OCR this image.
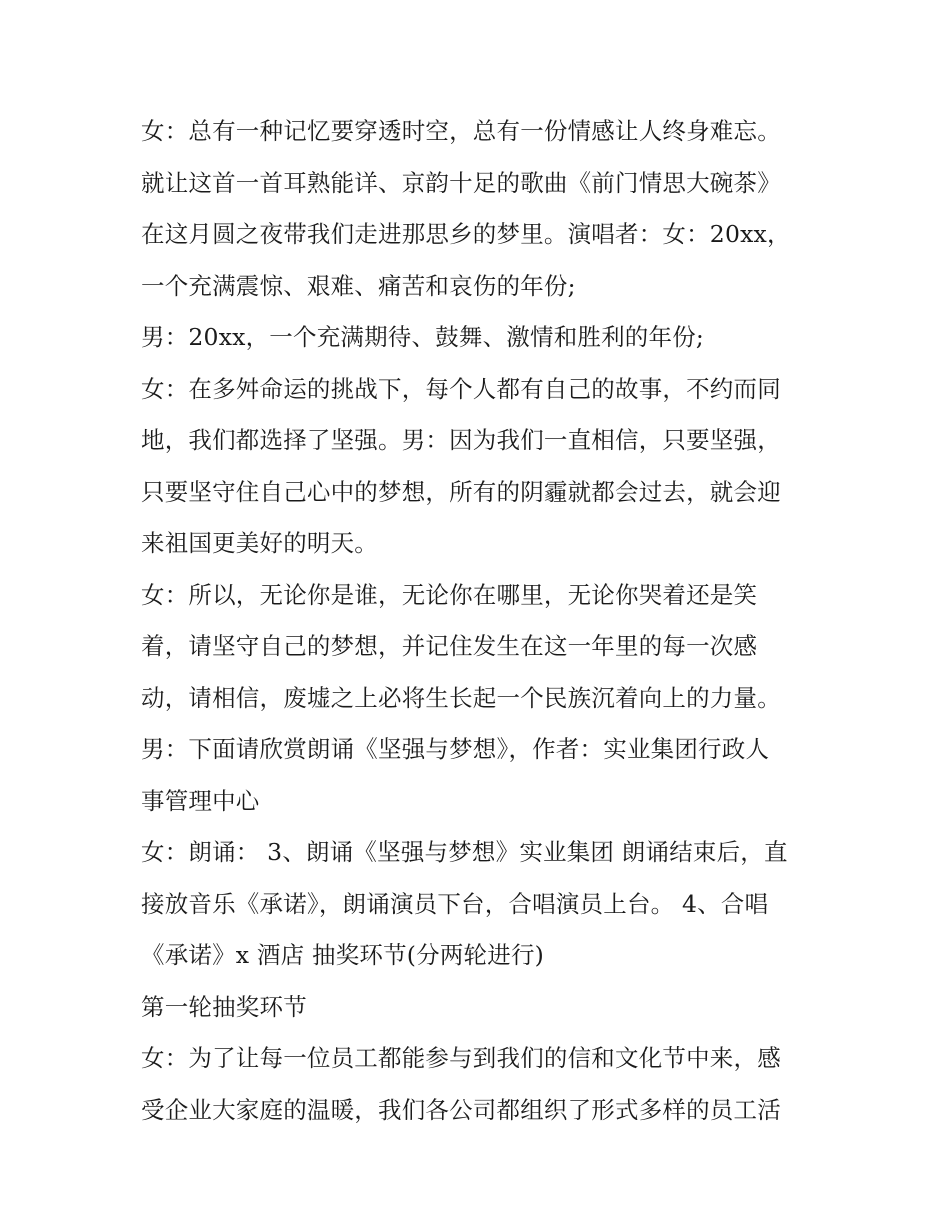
女：总有一种记忆要穿透时空，总有一份情感让人终身难忘。
就让这首一首耳熟能详、京韵十足的歌曲《前门情思大碗茶》
在这月圆之夜带我们走进那思乡的梦里。演唱者：女：20xx，
一个充满震惊、艰难、痛苦和哀伤的年份;
男：20xx，一个充满期待、鼓舞、激情和胜利的年份;
女：在多舛命运的挑战下，每个人都有自己的故事，不约而同
地，我们都选择了坚强。男：因为我们一直相信，只要坚强，
只要坚守住自己心中的梦想，所有的阴霾就都会过去，就会迎
来祖国更美好的明天。
女：所以，无论你是谁，无论你在哪里，无论你哭着还是笑
着，请坚守自己的梦想，并记住发生在这一年里的每一次感
动，请相信，废墟之上必将生长起一个民族沉着向上的力量。
男：下面请欣赏朗诵《坚强与梦想》，作者：实业集团行政人
事管理中心
女：朗诵： 3、朗诵《坚强与梦想》实业集团 朗诵结束后，直
接放音乐《承诺》，朗诵演员下台，合唱演员上台。 4、合唱
《承诺》x 酒店 抽奖环节(分两轮进行)
第一轮抽奖环节
女：为了让每一位员工都能参与到我们的信和文化节中来，感
受企业大家庭的温暖，我们各公司都组织了形式多样的员工活
